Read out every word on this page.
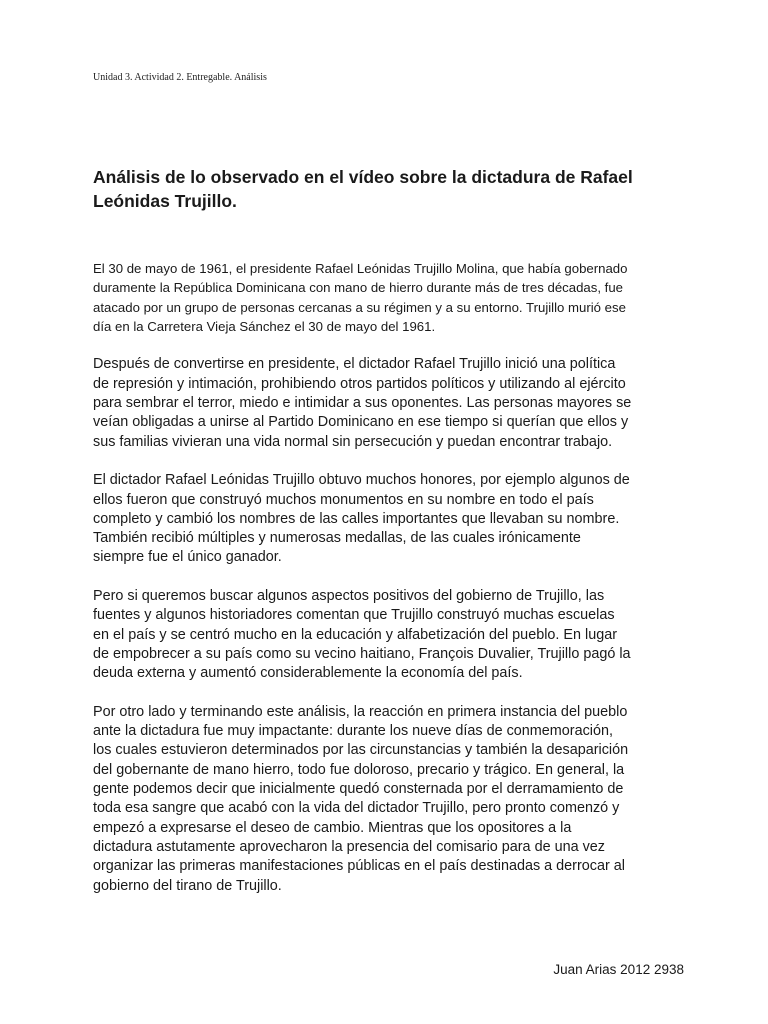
Unidad 3. Actividad 2. Entregable. Análisis
Análisis de lo observado en el vídeo sobre la dictadura de Rafael
Leónidas Trujillo.

El 30 de mayo de 1961, el presidente Rafael Leónidas Trujillo Molina, que había gobernado
duramente la República Dominicana con mano de hierro durante más de tres décadas, fue
atacado por un grupo de personas cercanas a su régimen y a su entorno. Trujillo murió ese
día en la Carretera Vieja Sánchez el 30 de mayo del 1961.

Después de convertirse en presidente, el dictador Rafael Trujillo inició una política
de represión y intimación, prohibiendo otros partidos políticos y utilizando al ejército
para sembrar el terror, miedo e intimidar a sus oponentes. Las personas mayores se
veían obligadas a unirse al Partido Dominicano en ese tiempo si querían que ellos y
sus familias vivieran una vida normal sin persecución y puedan encontrar trabajo.

El dictador Rafael Leónidas Trujillo obtuvo muchos honores, por ejemplo algunos de
ellos fueron que construyó muchos monumentos en su nombre en todo el país
completo y cambió los nombres de las calles importantes que llevaban su nombre.
También recibió múltiples y numerosas medallas, de las cuales irónicamente
siempre fue el único ganador.

Pero si queremos buscar algunos aspectos positivos del gobierno de Trujillo, las
fuentes y algunos historiadores comentan que Trujillo construyó muchas escuelas
en el país y se centró mucho en la educación y alfabetización del pueblo. En lugar
de empobrecer a su país como su vecino haitiano, François Duvalier, Trujillo pagó la
deuda externa y aumentó considerablemente la economía del país.

Por otro lado y terminando este análisis, la reacción en primera instancia del pueblo
ante la dictadura fue muy impactante: durante los nueve días de conmemoración,
los cuales estuvieron determinados por las circunstancias y también la desaparición
del gobernante de mano hierro, todo fue doloroso, precario y trágico. En general, la
gente podemos decir que inicialmente quedó consternada por el derramamiento de
toda esa sangre que acabó con la vida del dictador Trujillo, pero pronto comenzó y
empezó a expresarse el deseo de cambio. Mientras que los opositores a la
dictadura astutamente aprovecharon la presencia del comisario para de una vez
organizar las primeras manifestaciones públicas en el país destinadas a derrocar al
gobierno del tirano de Trujillo.

Juan Arias 2012 2938
